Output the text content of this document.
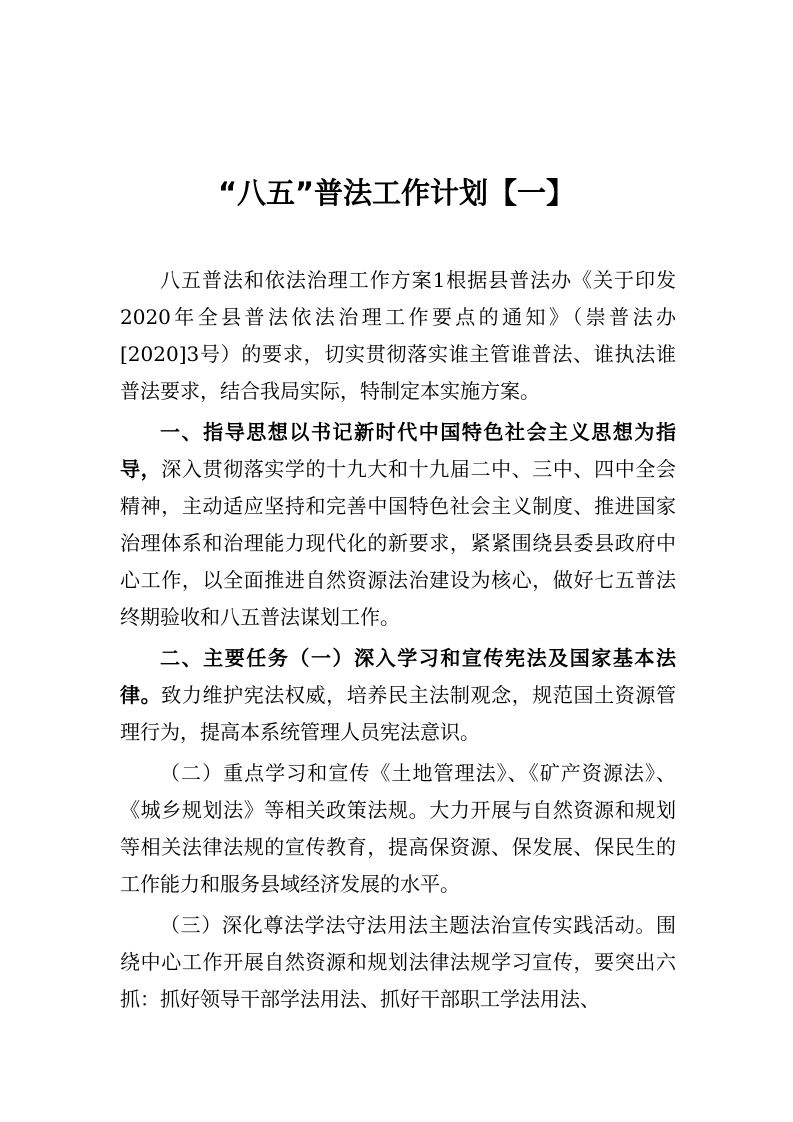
“八五”普法工作计划【一】

八五普法和依法治理工作方案1根据县普法办《关于印发2020年全县普法依法治理工作要点的通知》（崇普法办[2020]3号）的要求，切实贯彻落实谁主管谁普法、谁执法谁普法要求，结合我局实际，特制定本实施方案。

一、指导思想以书记新时代中国特色社会主义思想为指导，深入贯彻落实学的十九大和十九届二中、三中、四中全会精神，主动适应坚持和完善中国特色社会主义制度、推进国家治理体系和治理能力现代化的新要求，紧紧围绕县委县政府中心工作，以全面推进自然资源法治建设为核心，做好七五普法终期验收和八五普法谋划工作。

二、主要任务（一）深入学习和宣传宪法及国家基本法律。致力维护宪法权威，培养民主法制观念，规范国土资源管理行为，提高本系统管理人员宪法意识。

（二）重点学习和宣传《土地管理法》、《矿产资源法》、《城乡规划法》等相关政策法规。大力开展与自然资源和规划等相关法律法规的宣传教育，提高保资源、保发展、保民生的工作能力和服务县域经济发展的水平。

（三）深化尊法学法守法用法主题法治宣传实践活动。围绕中心工作开展自然资源和规划法律法规学习宣传，要突出六抓：抓好领导干部学法用法、抓好干部职工学法用法、
